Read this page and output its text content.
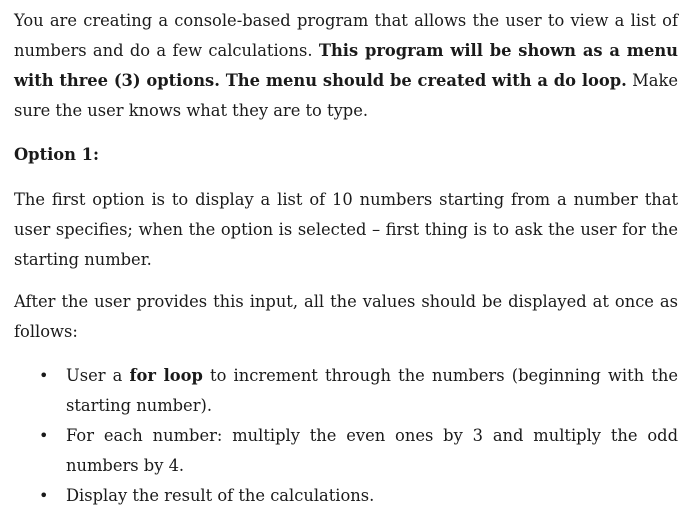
You are creating a console-based program that allows the user to view a list of numbers and do a few calculations. This program will be shown as a menu with three (3) options. The menu should be created with a do loop. Make sure the user knows what they are to type.

Option 1:

The first option is to display a list of 10 numbers starting from a number that user specifies; when the option is selected – first thing is to ask the user for the starting number.

After the user provides this input, all the values should be displayed at once as follows:

• User a for loop to increment through the numbers (beginning with the starting number).
• For each number: multiply the even ones by 3 and multiply the odd numbers by 4.
• Display the result of the calculations.
